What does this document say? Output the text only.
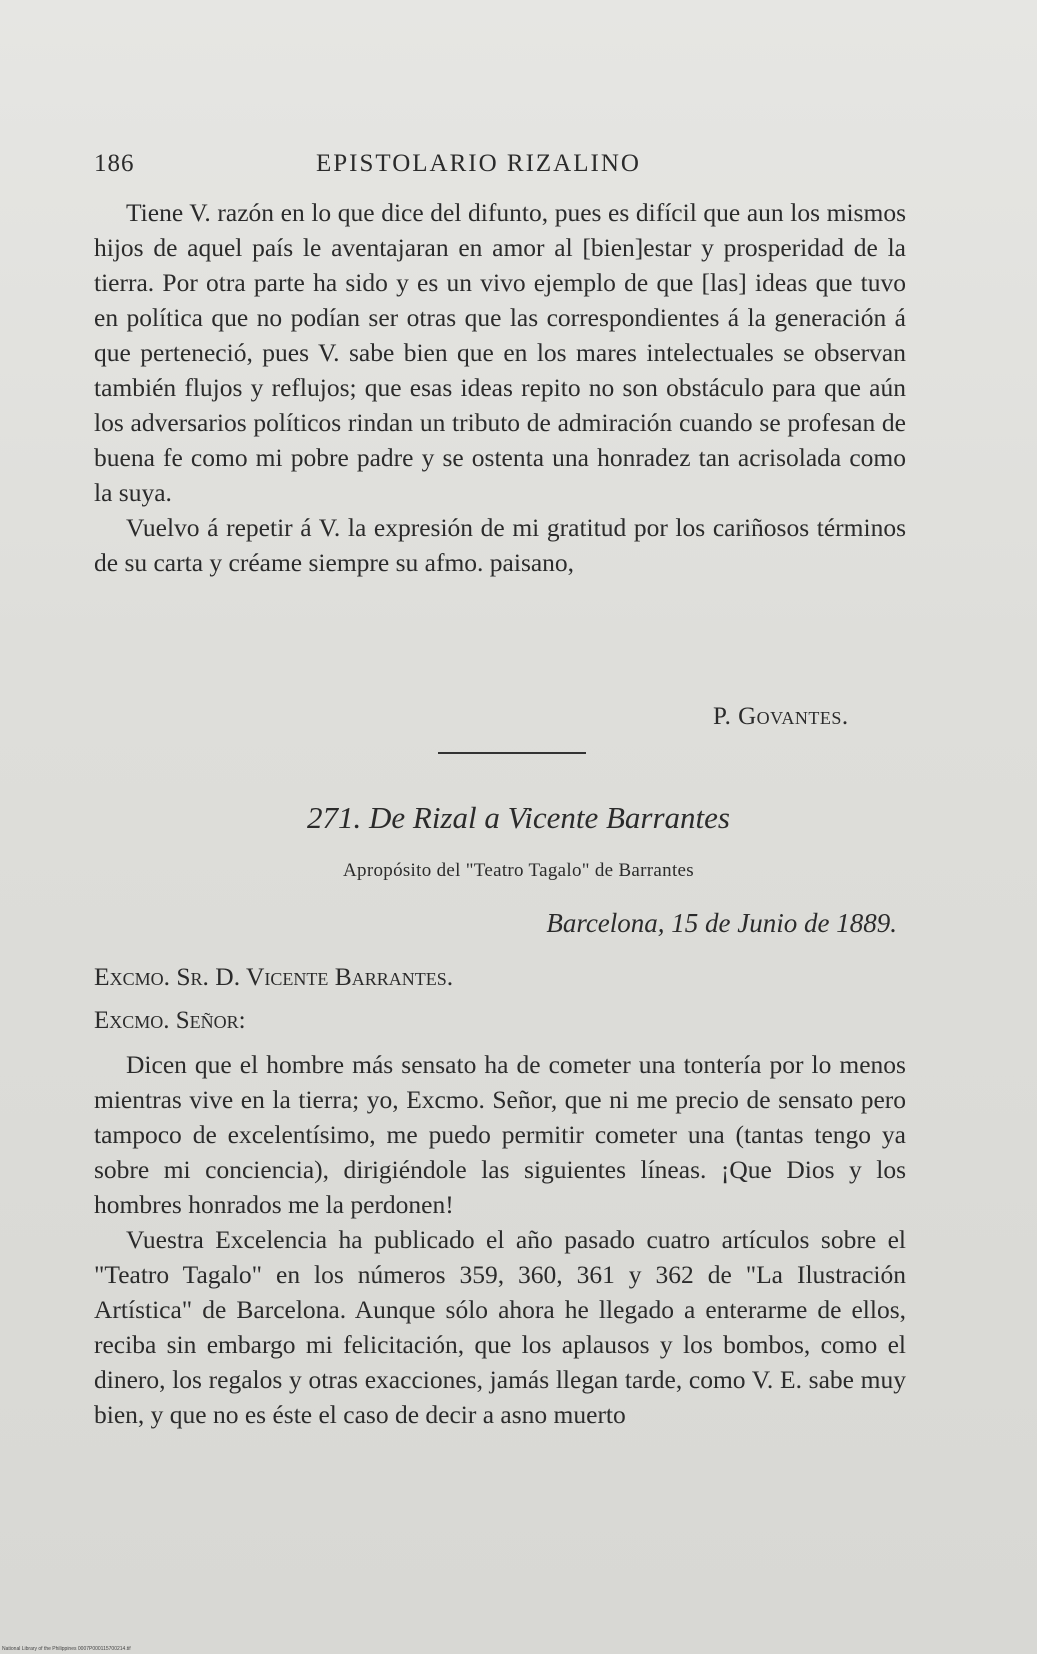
186	EPISTOLARIO RIZALINO

Tiene V. razón en lo que dice del difunto, pues es difícil que aun los mismos hijos de aquel país le aventajaran en amor al [bien]estar y prosperidad de la tierra. Por otra parte ha sido y es un vivo ejemplo de que [las] ideas que tuvo en política que no podían ser otras que las correspondientes á la generación á que perteneció, pues V. sabe bien que en los mares intelectuales se observan también flujos y reflujos; que esas ideas repito no son obstáculo para que aún los adversarios políticos rindan un tributo de admiración cuando se profesan de buena fe como mi pobre padre y se ostenta una honradez tan acrisolada como la suya.

Vuelvo á repetir á V. la expresión de mi gratitud por los cariñosos términos de su carta y créame siempre su afmo. paisano,

P. Govantes.
271. De Rizal a Vicente Barrantes
Apropósito del "Teatro Tagalo" de Barrantes
Barcelona, 15 de Junio de 1889.
Excmo. Sr. D. Vicente Barrantes.
Excmo. Señor:

Dicen que el hombre más sensato ha de cometer una tontería por lo menos mientras vive en la tierra; yo, Excmo. Señor, que ni me precio de sensato pero tampoco de excelentísimo, me puedo permitir cometer una (tantas tengo ya sobre mi conciencia), dirigiéndole las siguientes líneas. ¡Que Dios y los hombres honrados me la perdonen!

Vuestra Excelencia ha publicado el año pasado cuatro artículos sobre el "Teatro Tagalo" en los números 359, 360, 361 y 362 de "La Ilustración Artística" de Barcelona. Aunque sólo ahora he llegado a enterarme de ellos, reciba sin embargo mi felicitación, que los aplausos y los bombos, como el dinero, los regalos y otras exacciones, jamás llegan tarde, como V. E. sabe muy bien, y que no es éste el caso de decir a asno muerto

National Library of the Philippines 0007P000115700214.tif
